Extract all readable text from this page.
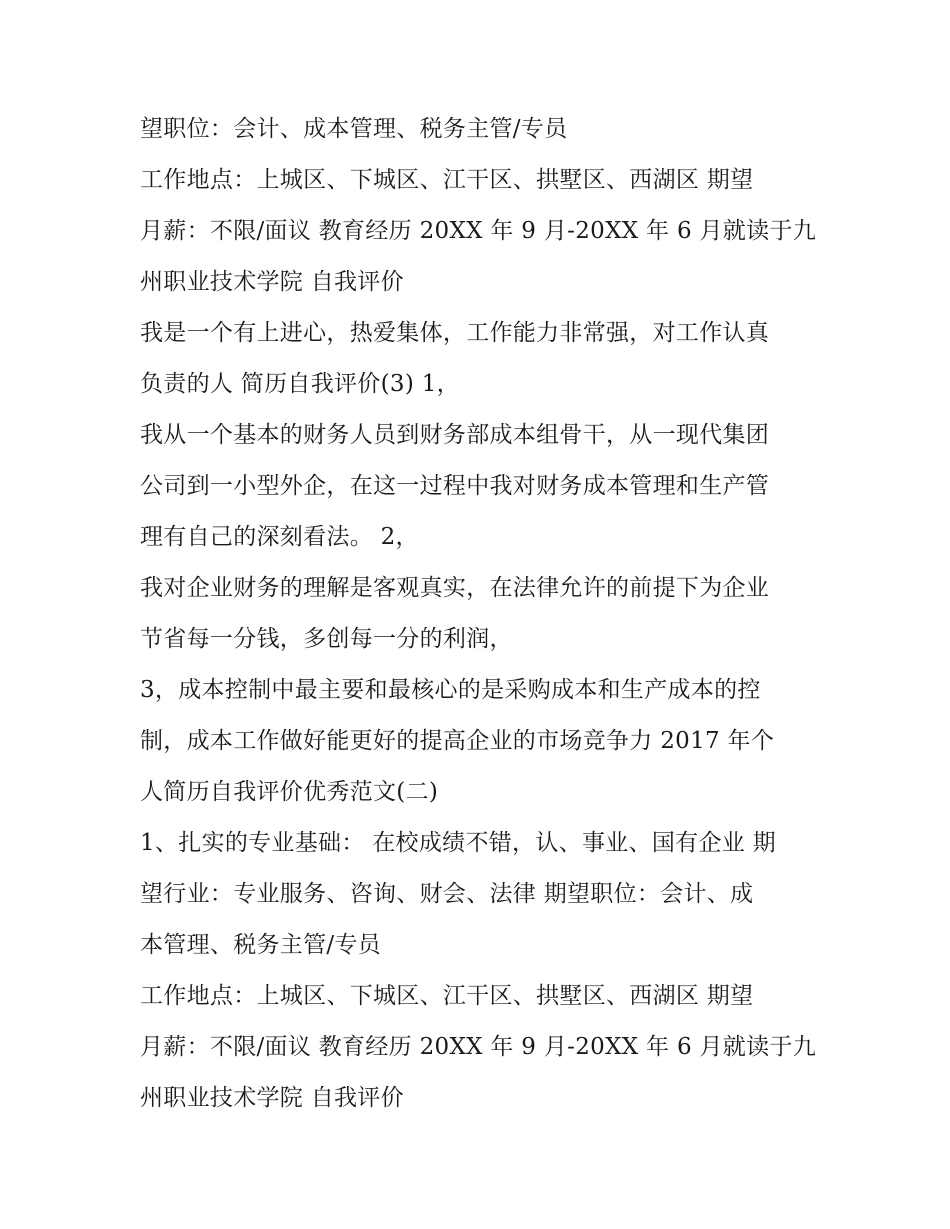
望职位：会计、成本管理、税务主管/专员
工作地点：上城区、下城区、江干区、拱墅区、西湖区 期望
月薪：不限/面议 教育经历 20XX 年 9 月-20XX 年 6 月就读于九
州职业技术学院 自我评价
我是一个有上进心，热爱集体，工作能力非常强，对工作认真
负责的人 简历自我评价(3) 1，
我从一个基本的财务人员到财务部成本组骨干，从一现代集团
公司到一小型外企，在这一过程中我对财务成本管理和生产管
理有自己的深刻看法。 2，
我对企业财务的理解是客观真实，在法律允许的前提下为企业
节省每一分钱，多创每一分的利润，
3，成本控制中最主要和最核心的是采购成本和生产成本的控
制，成本工作做好能更好的提高企业的市场竞争力 2017 年个
人简历自我评价优秀范文(二)
1、扎实的专业基础： 在校成绩不错，认、事业、国有企业 期
望行业：专业服务、咨询、财会、法律 期望职位：会计、成
本管理、税务主管/专员
工作地点：上城区、下城区、江干区、拱墅区、西湖区 期望
月薪：不限/面议 教育经历 20XX 年 9 月-20XX 年 6 月就读于九
州职业技术学院 自我评价
